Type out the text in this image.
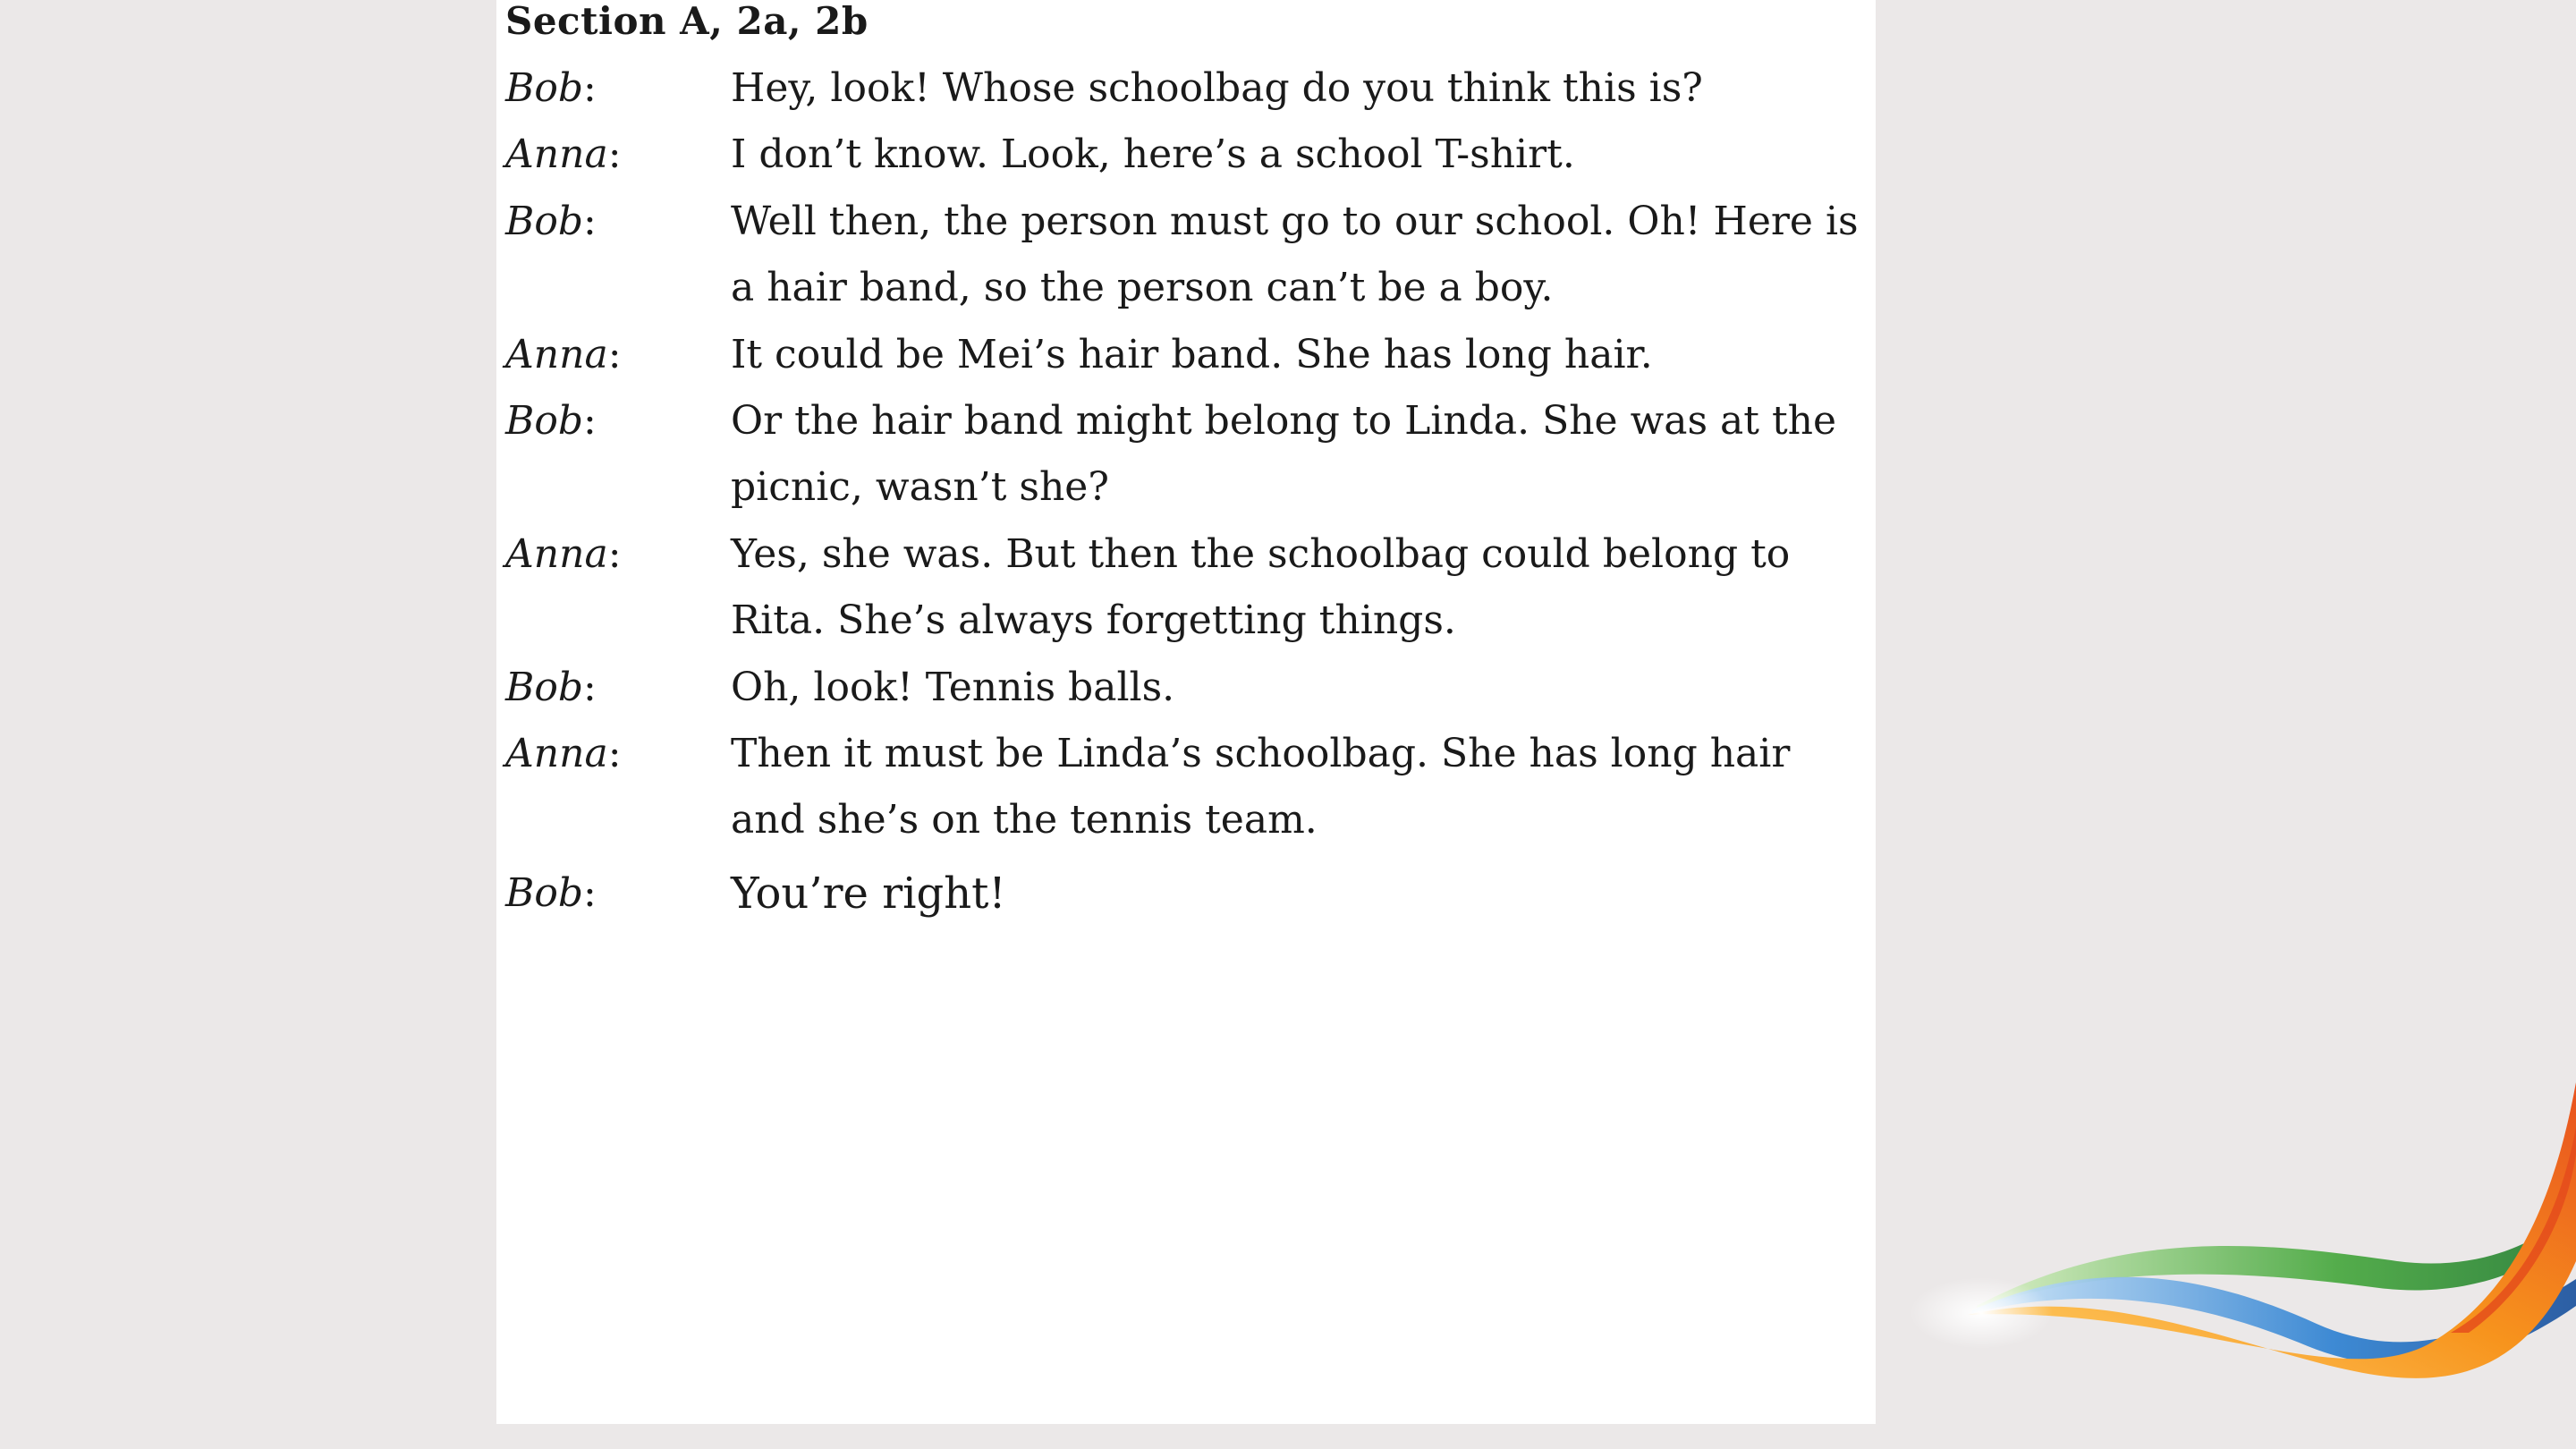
Section A, 2a, 2b
Bob:	Hey, look! Whose schoolbag do you think this is?
Anna:	I don’t know. Look, here’s a school T-shirt.
Bob:	Well then, the person must go to our school. Oh! Here is a hair band, so the person can’t be a boy.
Anna:	It could be Mei’s hair band. She has long hair.
Bob:	Or the hair band might belong to Linda. She was at the picnic, wasn’t she?
Anna:	Yes, she was. But then the schoolbag could belong to Rita. She’s always forgetting things.
Bob:	Oh, look! Tennis balls.
Anna:	Then it must be Linda’s schoolbag. She has long hair and she’s on the tennis team.
Bob:	You’re right!
